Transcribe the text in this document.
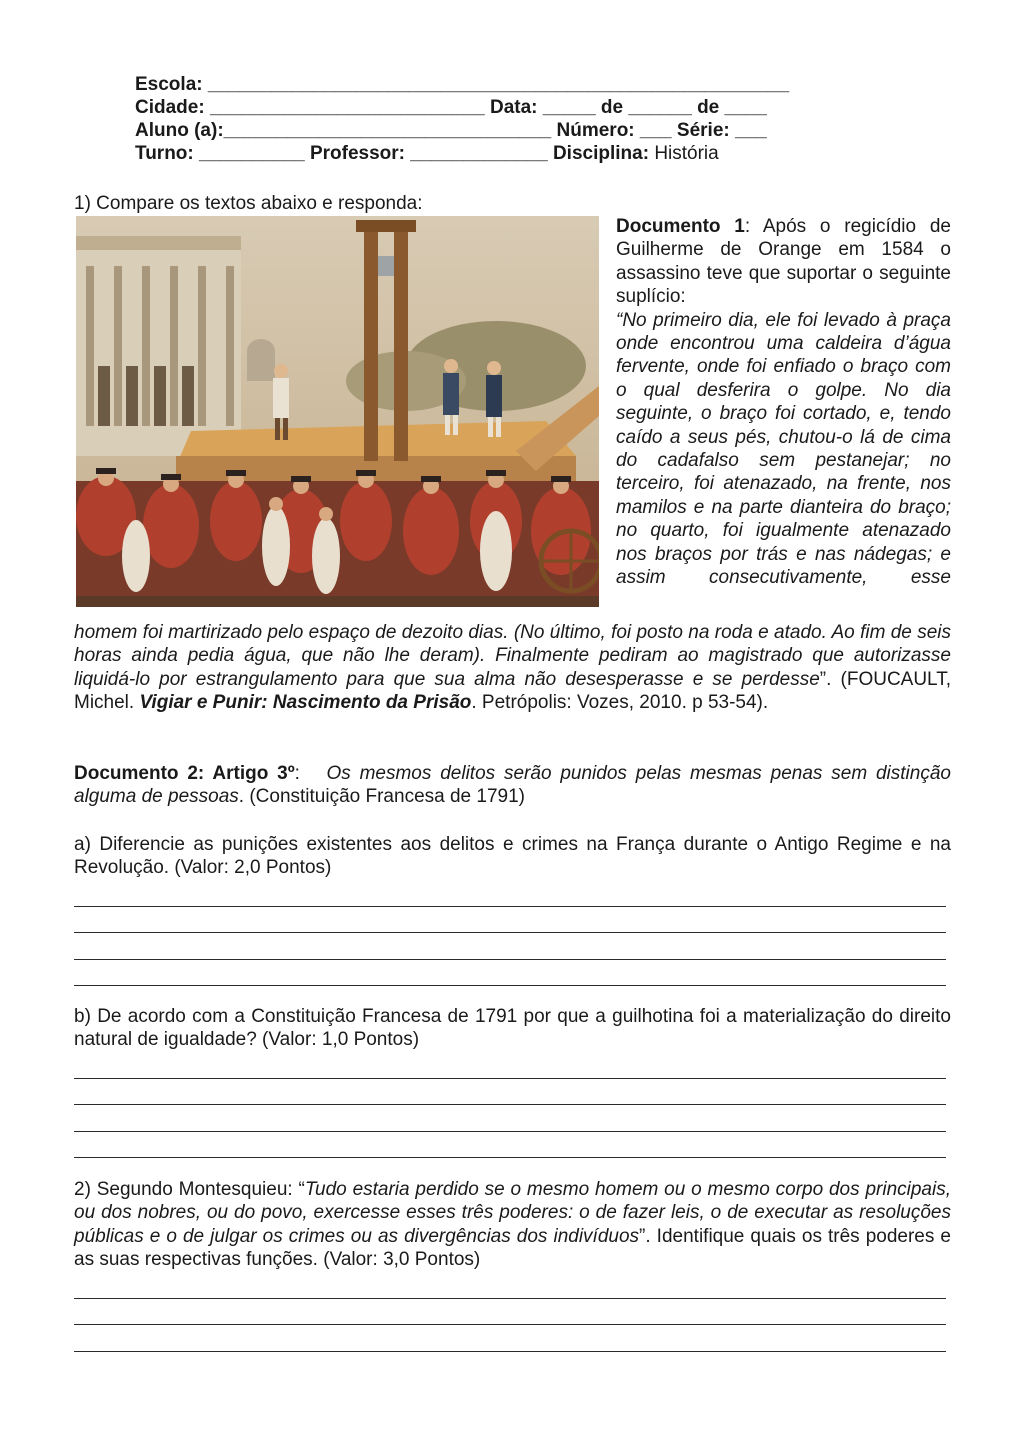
Escola: _______________________________________________________
Cidade: __________________________ Data: _____ de ______ de ____
Aluno (a):_______________________________ Número: ___ Série: ___
Turno: __________ Professor: _____________ Disciplina: História
1) Compare os textos abaixo e responda:

Documento 1: Após o regicídio de Guilherme de Orange em 1584 o assassino teve que suportar o seguinte suplício:

“No primeiro dia, ele foi levado à praça onde encontrou uma caldeira d’água fervente, onde foi enfiado o braço com o qual desferira o golpe. No dia seguinte, o braço foi cortado, e, tendo caído a seus pés, chutou-o lá de cima do cadafalso sem pestanejar; no terceiro, foi atenazado, na frente, nos mamilos e na parte dianteira do braço; no quarto, foi igualmente atenazado nos braços por trás e nas nádegas; e assim consecutivamente, esse

homem foi martirizado pelo espaço de dezoito dias. (No último, foi posto na roda e atado. Ao fim de seis horas ainda pedia água, que não lhe deram). Finalmente pediram ao magistrado que autorizasse liquidá-lo por estrangulamento para que sua alma não desesperasse e se perdesse”. (FOUCAULT, Michel. Vigiar e Punir: Nascimento da Prisão. Petrópolis: Vozes, 2010. p 53-54).

Documento 2: Artigo 3º: Os mesmos delitos serão punidos pelas mesmas penas sem distinção alguma de pessoas. (Constituição Francesa de 1791)

a) Diferencie as punições existentes aos delitos e crimes na França durante o Antigo Regime e na Revolução. (Valor: 2,0 Pontos)

b) De acordo com a Constituição Francesa de 1791 por que a guilhotina foi a materialização do direito natural de igualdade? (Valor: 1,0 Pontos)

2) Segundo Montesquieu: “Tudo estaria perdido se o mesmo homem ou o mesmo corpo dos principais, ou dos nobres, ou do povo, exercesse esses três poderes: o de fazer leis, o de executar as resoluções públicas e o de julgar os crimes ou as divergências dos indivíduos”. Identifique quais os três poderes e as suas respectivas funções. (Valor: 3,0 Pontos)
